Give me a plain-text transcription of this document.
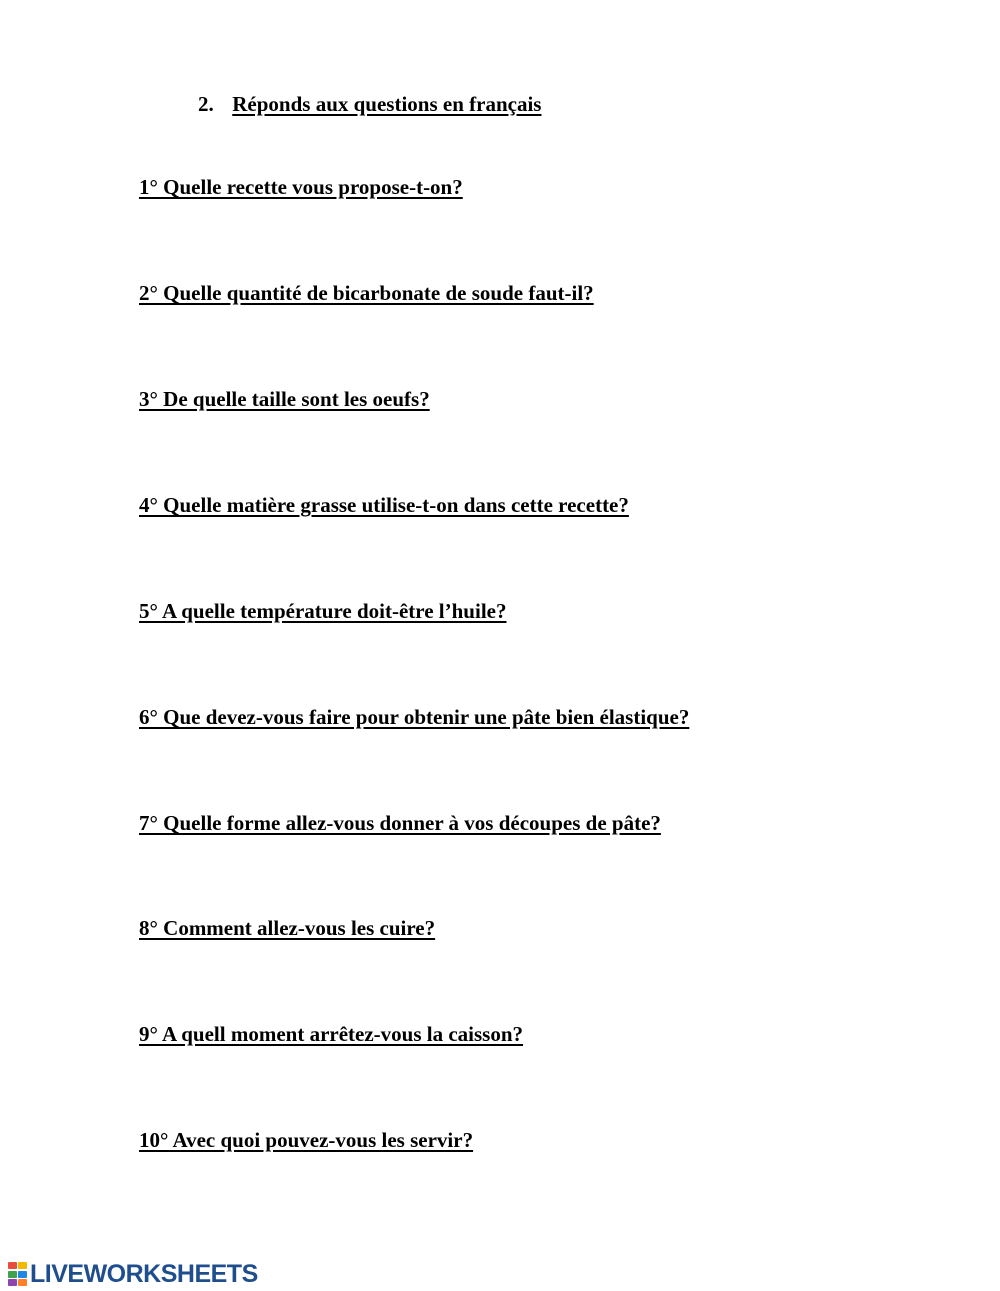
2. Réponds aux questions en français
1° Quelle recette vous propose-t-on?
2° Quelle quantité de bicarbonate de soude faut-il?
3° De quelle taille sont les oeufs?
4° Quelle matière grasse utilise-t-on dans cette recette?
5° A quelle température doit-être l’huile?
6° Que devez-vous faire pour obtenir une pâte bien élastique?
7° Quelle forme allez-vous donner à vos découpes de pâte?
8° Comment allez-vous les cuire?
9° A quell moment arrêtez-vous la caisson?
10° Avec quoi pouvez-vous les servir?
LIVEWORKSHEETS
